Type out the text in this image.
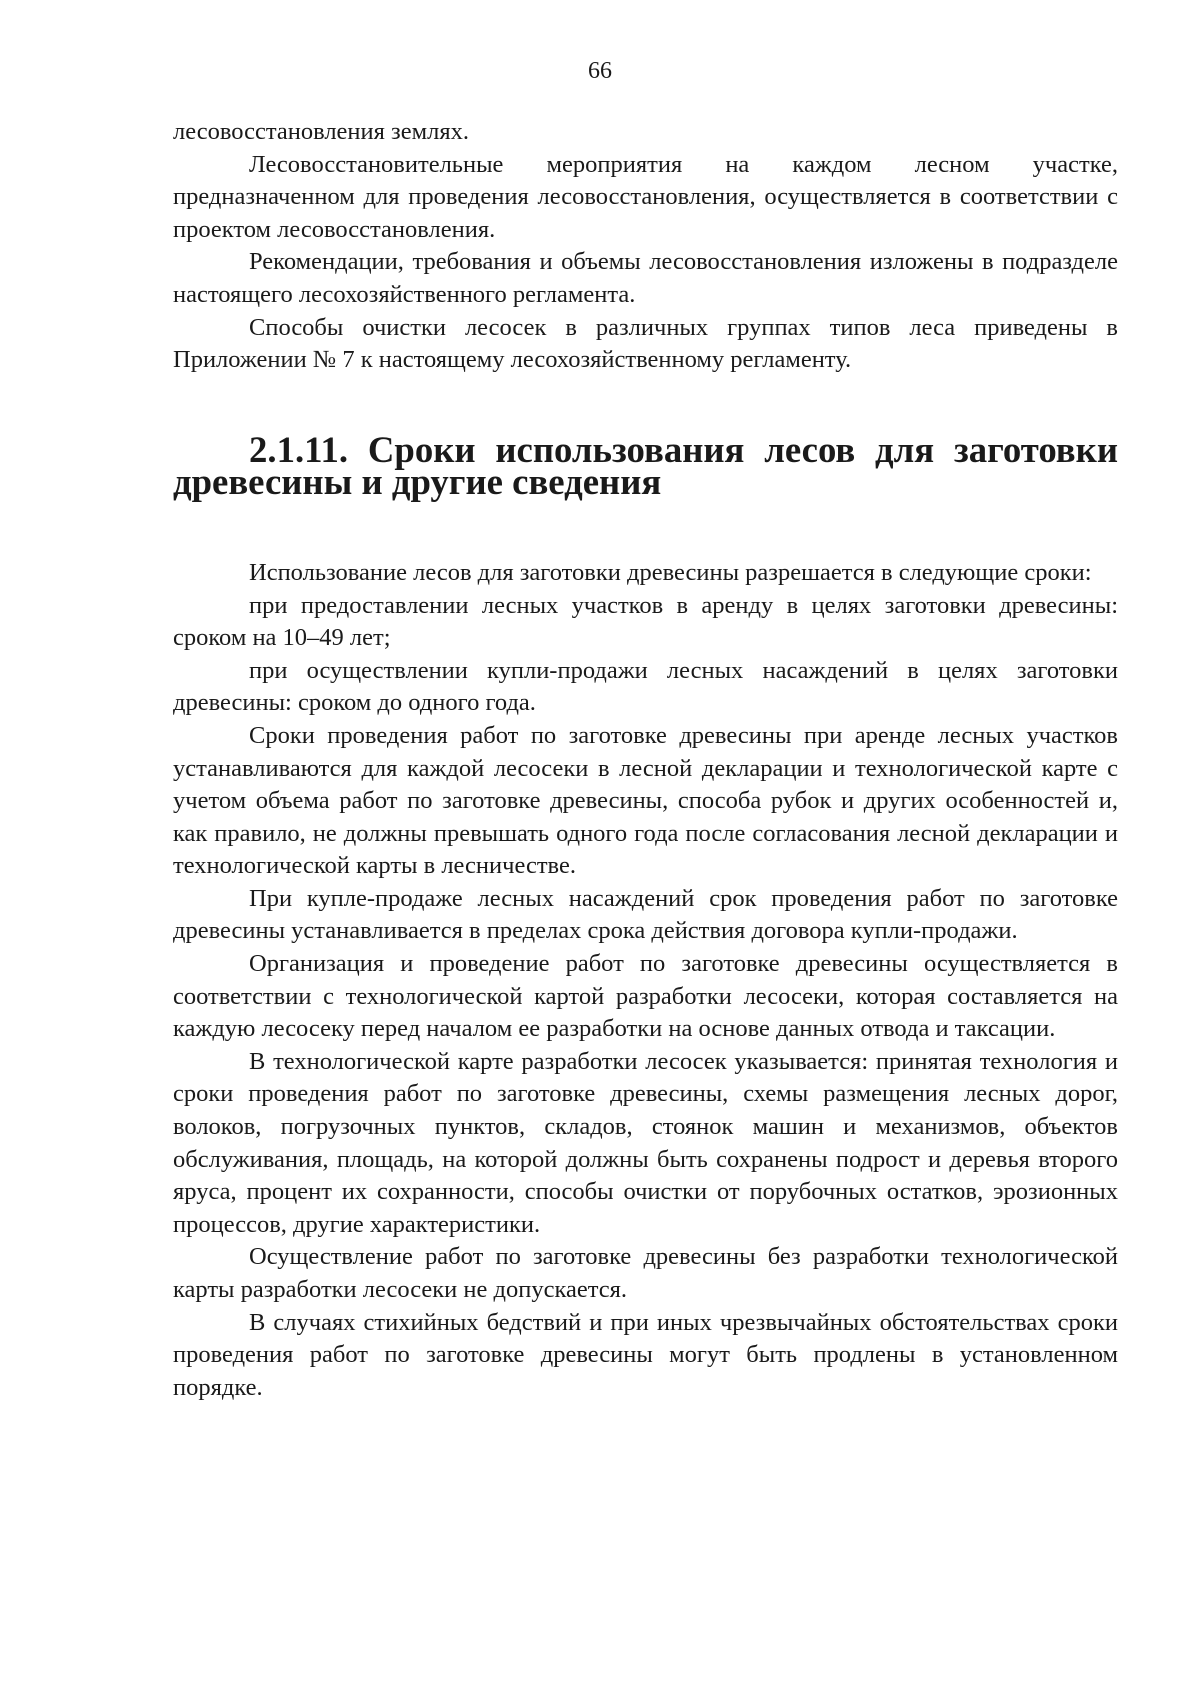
66

лесовосстановления землях.

Лесовосстановительные мероприятия на каждом лесном участке, предназначенном для проведения лесовосстановления, осуществляется в соответствии с проектом лесовосстановления.

Рекомендации, требования и объемы лесовосстановления изложены в подразделе настоящего лесохозяйственного регламента.

Способы очистки лесосек в различных группах типов леса приведены в Приложении № 7 к настоящему лесохозяйственному регламенту.

2.1.11. Сроки использования лесов для заготовки древесины и другие сведения

Использование лесов для заготовки древесины разрешается в следующие сроки:

при предоставлении лесных участков в аренду в целях заготовки древесины: сроком на 10–49 лет;

при осуществлении купли-продажи лесных насаждений в целях заготовки древесины: сроком до одного года.

Сроки проведения работ по заготовке древесины при аренде лесных участков устанавливаются для каждой лесосеки в лесной декларации и технологической карте с учетом объема работ по заготовке древесины, способа рубок и других особенностей и, как правило, не должны превышать одного года после согласования лесной декларации и технологической карты в лесничестве.

При купле-продаже лесных насаждений срок проведения работ по заготовке древесины устанавливается в пределах срока действия договора купли-продажи.

Организация и проведение работ по заготовке древесины осуществляется в соответствии с технологической картой разработки лесосеки, которая составляется на каждую лесосеку перед началом ее разработки на основе данных отвода и таксации.

В технологической карте разработки лесосек указывается: принятая технология и сроки проведения работ по заготовке древесины, схемы размещения лесных дорог, волоков, погрузочных пунктов, складов, стоянок машин и механизмов, объектов обслуживания, площадь, на которой должны быть сохранены подрост и деревья второго яруса, процент их сохранности, способы очистки от порубочных остатков, эрозионных процессов, другие характеристики.

Осуществление работ по заготовке древесины без разработки технологической карты разработки лесосеки не допускается.

В случаях стихийных бедствий и при иных чрезвычайных обстоятельствах сроки проведения работ по заготовке древесины могут быть продлены в установленном порядке.
